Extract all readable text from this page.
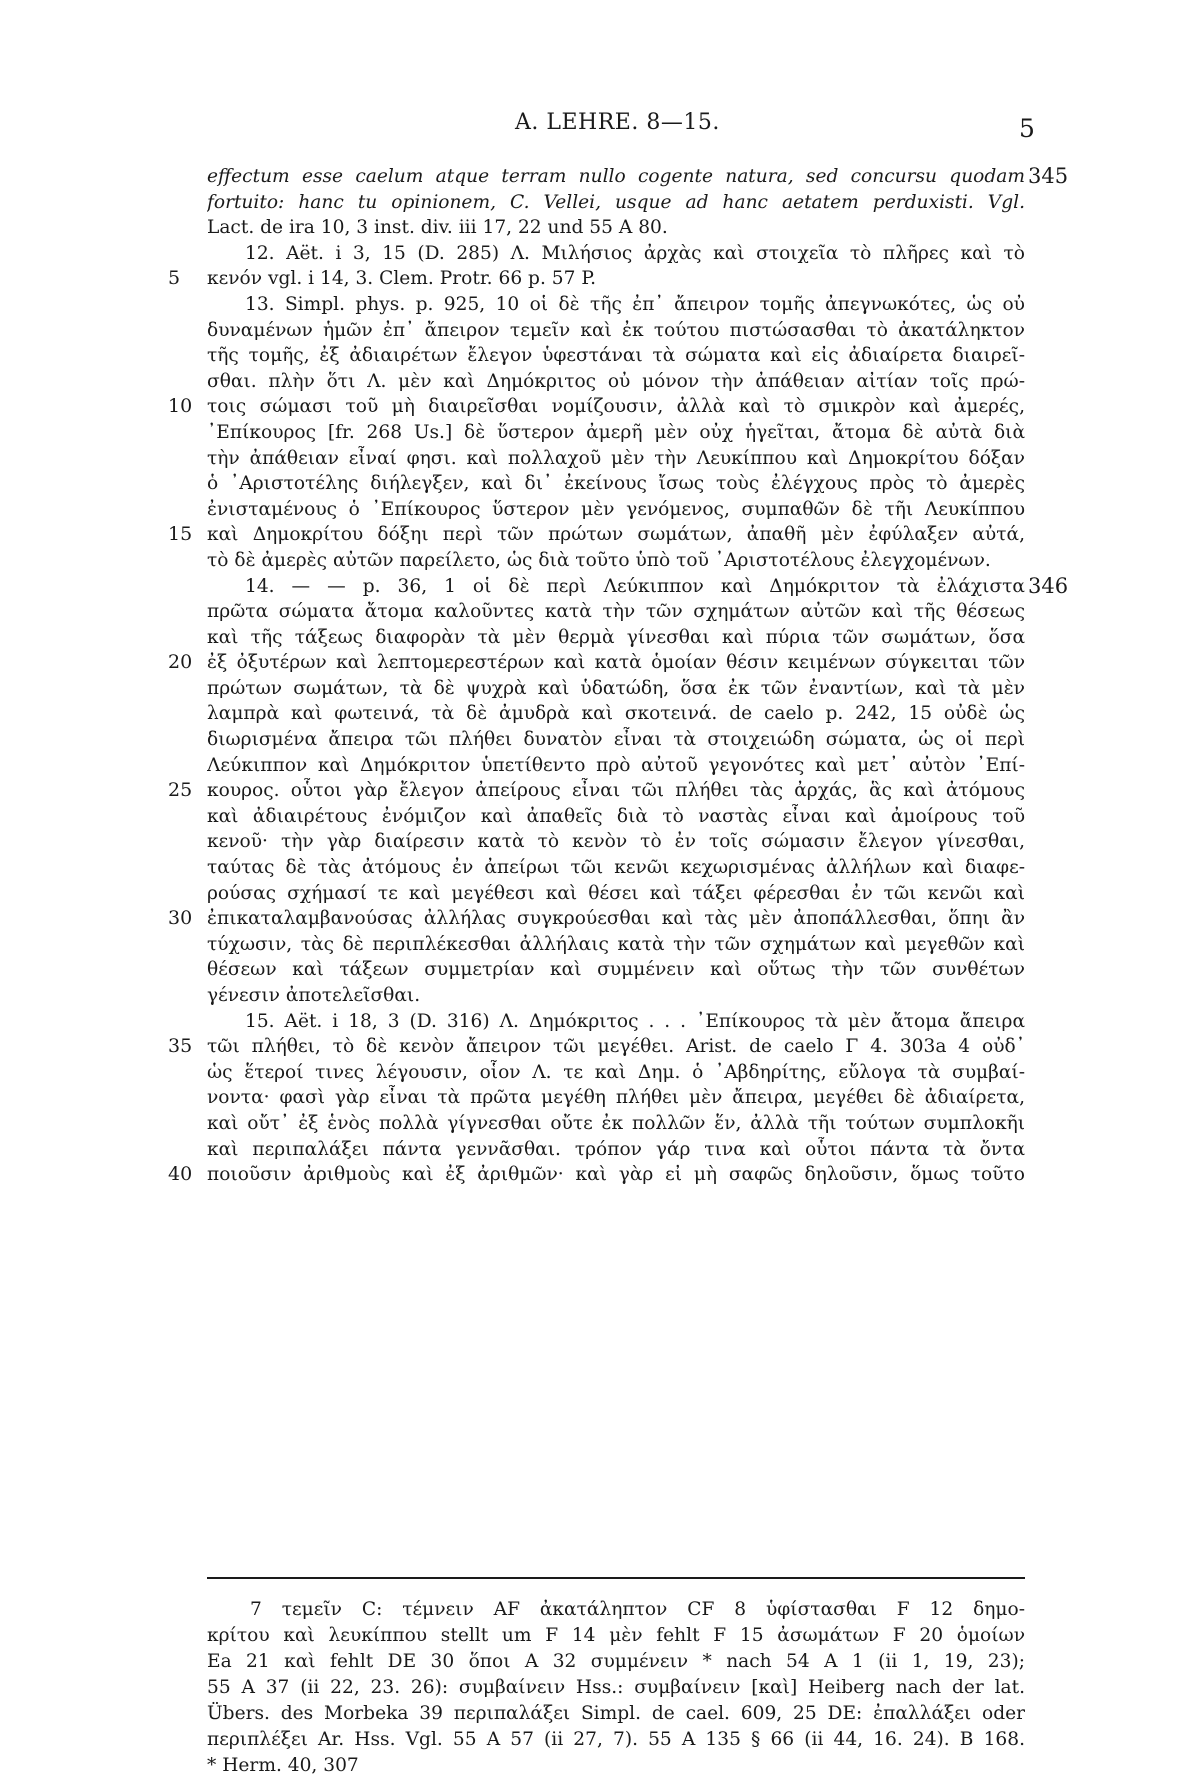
A. LEHRE. 8—15.	5
effectum esse caelum atque terram nullo cogente natura, sed concursu quodam 345
fortuito: hanc tu opinionem, C. Vellei, usque ad hanc aetatem perduxisti. Vgl.
Lact. de ira 10, 3 inst. div. iii 17, 22 und 55 A 80.
12. Aët. i 3, 15 (D. 285) Λ. Μιλήσιος ἀρχὰς καὶ στοιχεῖα τὸ πλῆρες καὶ τὸ
5	κενόν vgl. i 14, 3. Clem. Protr. 66 p. 57 P.
13. Simpl. phys. p. 925, 10 οἱ δὲ τῆς ἐπ᾽ ἄπειρον τομῆς ἀπεγνωκότες, ὡς οὐ
δυναμένων ἡμῶν ἐπ᾽ ἄπειρον τεμεῖν καὶ ἐκ τούτου πιστώσασθαι τὸ ἀκατάληκτον
τῆς τομῆς, ἐξ ἀδιαιρέτων ἔλεγον ὑφεστάναι τὰ σώματα καὶ εἰς ἀδιαίρετα διαιρεῖ-
σθαι. πλὴν ὅτι Λ. μὲν καὶ Δημόκριτος οὐ μόνον τὴν ἀπάθειαν αἰτίαν τοῖς πρώ-
10 τοις σώμασι τοῦ μὴ διαιρεῖσθαι νομίζουσιν, ἀλλὰ καὶ τὸ σμικρὸν καὶ ἀμερές,
᾽Επίκουρος [fr. 268 Us.] δὲ ὕστερον ἀμερῆ μὲν οὐχ ἡγεῖται, ἄτομα δὲ αὐτὰ διὰ
τὴν ἀπάθειαν εἶναί φησι. καὶ πολλαχοῦ μὲν τὴν Λευκίππου καὶ Δημοκρίτου δόξαν
ὁ ᾽Αριστοτέλης διήλεγξεν, καὶ δι᾽ ἐκείνους ἴσως τοὺς ἐλέγχους πρὸς τὸ ἀμερὲς
ἐνισταμένους ὁ ᾽Επίκουρος ὕστερον μὲν γενόμενος, συμπαθῶν δὲ τῆι Λευκίππου
15 καὶ Δημοκρίτου δόξηι περὶ τῶν πρώτων σωμάτων, ἀπαθῆ μὲν ἐφύλαξεν αὐτά,
τὸ δὲ ἀμερὲς αὐτῶν παρείλετο, ὡς διὰ τοῦτο ὑπὸ τοῦ ᾽Αριστοτέλους ἐλεγχομένων.
14. — — p. 36, 1 οἱ δὲ περὶ Λεύκιππον καὶ Δημόκριτον τὰ ἐλάχιστα 346
πρῶτα σώματα ἄτομα καλοῦντες κατὰ τὴν τῶν σχημάτων αὐτῶν καὶ τῆς θέσεως
καὶ τῆς τάξεως διαφορὰν τὰ μὲν θερμὰ γίνεσθαι καὶ πύρια τῶν σωμάτων, ὅσα
20 ἐξ ὀξυτέρων καὶ λεπτομερεστέρων καὶ κατὰ ὁμοίαν θέσιν κειμένων σύγκειται τῶν
πρώτων σωμάτων, τὰ δὲ ψυχρὰ καὶ ὑδατώδη, ὅσα ἐκ τῶν ἐναντίων, καὶ τὰ μὲν
λαμπρὰ καὶ φωτεινά, τὰ δὲ ἀμυδρὰ καὶ σκοτεινά. de caelo p. 242, 15 οὐδὲ ὡς
διωρισμένα ἄπειρα τῶι πλήθει δυνατὸν εἶναι τὰ στοιχειώδη σώματα, ὡς οἱ περὶ
Λεύκιππον καὶ Δημόκριτον ὑπετίθεντο πρὸ αὐτοῦ γεγονότες καὶ μετ᾽ αὐτὸν ᾽Επί-
25 κουρος. οὗτοι γὰρ ἔλεγον ἀπείρους εἶναι τῶι πλήθει τὰς ἀρχάς, ἃς καὶ ἀτόμους
καὶ ἀδιαιρέτους ἐνόμιζον καὶ ἀπαθεῖς διὰ τὸ ναστὰς εἶναι καὶ ἀμοίρους τοῦ
κενοῦ· τὴν γὰρ διαίρεσιν κατὰ τὸ κενὸν τὸ ἐν τοῖς σώμασιν ἔλεγον γίνεσθαι,
ταύτας δὲ τὰς ἀτόμους ἐν ἀπείρωι τῶι κενῶι κεχωρισμένας ἀλλήλων καὶ διαφε-
ρούσας σχήμασί τε καὶ μεγέθεσι καὶ θέσει καὶ τάξει φέρεσθαι ἐν τῶι κενῶι καὶ
30 ἐπικαταλαμβανούσας ἀλλήλας συγκρούεσθαι καὶ τὰς μὲν ἀποπάλλεσθαι, ὅπηι ἂν
τύχωσιν, τὰς δὲ περιπλέκεσθαι ἀλλήλαις κατὰ τὴν τῶν σχημάτων καὶ μεγεθῶν καὶ
θέσεων καὶ τάξεων συμμετρίαν καὶ συμμένειν καὶ οὕτως τὴν τῶν συνθέτων
γένεσιν ἀποτελεῖσθαι.
15. Aët. i 18, 3 (D. 316) Λ. Δημόκριτος . . . ᾽Επίκουρος τὰ μὲν ἄτομα ἄπειρα
35 τῶι πλήθει, τὸ δὲ κενὸν ἄπειρον τῶι μεγέθει. Arist. de caelo Γ 4. 303a 4 οὐδ᾽
ὡς ἕτεροί τινες λέγουσιν, οἷον Λ. τε καὶ Δημ. ὁ ᾽Αβδηρίτης, εὔλογα τὰ συμβαί-
νοντα· φασὶ γὰρ εἶναι τὰ πρῶτα μεγέθη πλήθει μὲν ἄπειρα, μεγέθει δὲ ἀδιαίρετα,
καὶ οὔτ᾽ ἐξ ἑνὸς πολλὰ γίγνεσθαι οὔτε ἐκ πολλῶν ἕν, ἀλλὰ τῆι τούτων συμπλοκῆι
καὶ περιπαλάξει πάντα γεννᾶσθαι. τρόπον γάρ τινα καὶ οὗτοι πάντα τὰ ὄντα
40 ποιοῦσιν ἀριθμοὺς καὶ ἐξ ἀριθμῶν· καὶ γὰρ εἰ μὴ σαφῶς δηλοῦσιν, ὅμως τοῦτο
7 τεμεῖν C: τέμνειν AF ἀκατάληπτον CF 8 ὑφίστασθαι F 12 δημο-
κρίτου καὶ λευκίππου stellt um F 14 μὲν fehlt F 15 ἀσωμάτων F 20 ὁμοίων
Ea 21 καὶ fehlt DE 30 ὅποι A 32 συμμένειν * nach 54 A 1 (ii 1, 19, 23);
55 A 37 (ii 22, 23. 26): συμβαίνειν Hss.: συμβαίνειν [καὶ] Heiberg nach der lat.
Übers. des Morbeka 39 περιπαλάξει Simpl. de cael. 609, 25 DE: ἐπαλλάξει oder
περιπλέξει Ar. Hss. Vgl. 55 A 57 (ii 27, 7). 55 A 135 § 66 (ii 44, 16. 24). B 168.
* Herm. 40, 307
